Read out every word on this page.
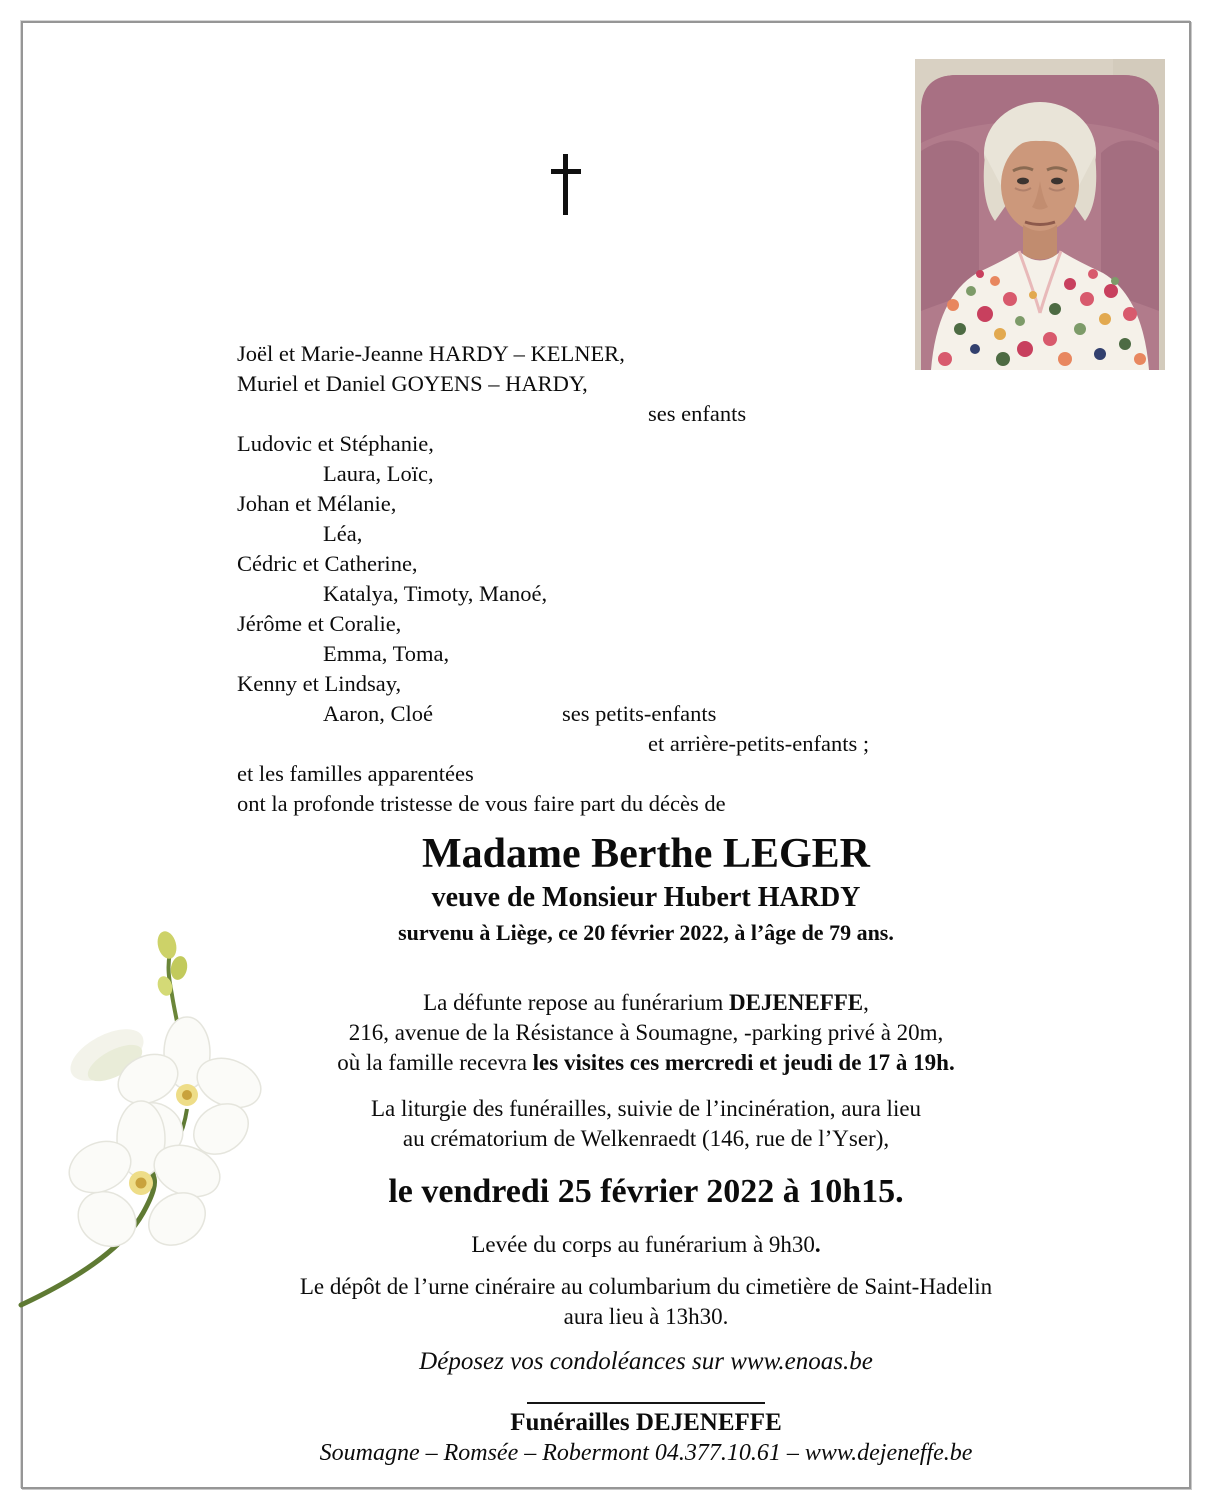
Joël et Marie-Jeanne HARDY – KELNER,
Muriel et Daniel GOYENS – HARDY,
ses enfants
Ludovic et Stéphanie,
Laura, Loïc,
Johan et Mélanie,
Léa,
Cédric et Catherine,
Katalya, Timoty, Manoé,
Jérôme et Coralie,
Emma, Toma,
Kenny et Lindsay,
Aaron, Cloé	ses petits-enfants
et arrière-petits-enfants ;
et les familles apparentées
ont la profonde tristesse de vous faire part du décès de
Madame Berthe LEGER
veuve de Monsieur Hubert HARDY
survenu à Liège, ce 20 février 2022, à l’âge de 79 ans.
La défunte repose au funérarium DEJENEFFE,
216, avenue de la Résistance à Soumagne, -parking privé à 20m,
où la famille recevra les visites ces mercredi et jeudi de 17 à 19h.
La liturgie des funérailles, suivie de l’incinération, aura lieu
au crématorium de Welkenraedt (146, rue de l’Yser),
le vendredi 25 février 2022 à 10h15.
Levée du corps au funérarium à 9h30.
Le dépôt de l’urne cinéraire au columbarium du cimetière de Saint-Hadelin
aura lieu à 13h30.
Déposez vos condoléances sur www.enoas.be
Funérailles DEJENEFFE
Soumagne – Romsée – Robermont 04.377.10.61 – www.dejeneffe.be
